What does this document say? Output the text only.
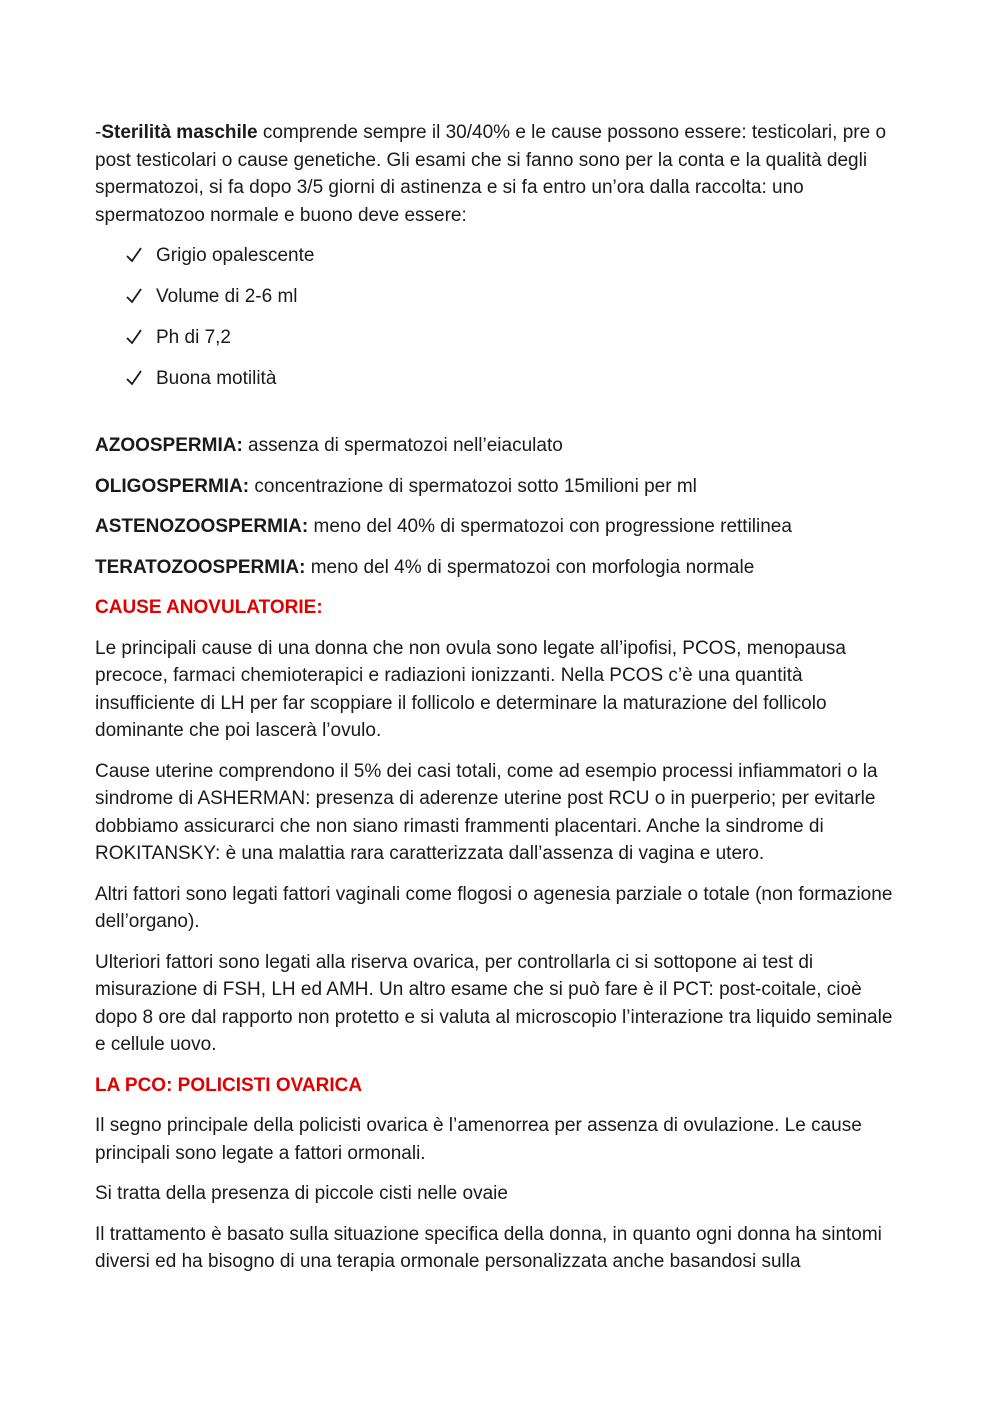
-Sterilità maschile comprende sempre il 30/40% e le cause possono essere: testicolari, pre o post testicolari o cause genetiche. Gli esami che si fanno sono per la conta e la qualità degli spermatozoi, si fa dopo 3/5 giorni di astinenza e si fa entro un’ora dalla raccolta: uno spermatozoo normale e buono deve essere:

Grigio opalescente
Volume di 2-6 ml
Ph di 7,2
Buona motilità

AZOOSPERMIA: assenza di spermatozoi nell’eiaculato

OLIGOSPERMIA: concentrazione di spermatozoi sotto 15milioni per ml

ASTENOZOOSPERMIA: meno del 40% di spermatozoi con progressione rettilinea

TERATOZOOSPERMIA: meno del 4% di spermatozoi con morfologia normale

CAUSE ANOVULATORIE:

Le principali cause di una donna che non ovula sono legate all’ipofisi, PCOS, menopausa precoce, farmaci chemioterapici e radiazioni ionizzanti. Nella PCOS c’è una quantità insufficiente di LH per far scoppiare il follicolo e determinare la maturazione del follicolo dominante che poi lascerà l’ovulo.

Cause uterine comprendono il 5% dei casi totali, come ad esempio processi infiammatori o la sindrome di ASHERMAN: presenza di aderenze uterine post RCU o in puerperio; per evitarle dobbiamo assicurarci che non siano rimasti frammenti placentari. Anche la sindrome di ROKITANSKY: è una malattia rara caratterizzata dall’assenza di vagina e utero.

Altri fattori sono legati fattori vaginali come flogosi o agenesia parziale o totale (non formazione dell’organo).

Ulteriori fattori sono legati alla riserva ovarica, per controllarla ci si sottopone ai test di misurazione di FSH, LH ed AMH. Un altro esame che si può fare è il PCT: post-coitale, cioè dopo 8 ore dal rapporto non protetto e si valuta al microscopio l’interazione tra liquido seminale e cellule uovo.

LA PCO: POLICISTI OVARICA

Il segno principale della policisti ovarica è l’amenorrea per assenza di ovulazione. Le cause principali sono legate a fattori ormonali.

Si tratta della presenza di piccole cisti nelle ovaie

Il trattamento è basato sulla situazione specifica della donna, in quanto ogni donna ha sintomi diversi ed ha bisogno di una terapia ormonale personalizzata anche basandosi sulla
